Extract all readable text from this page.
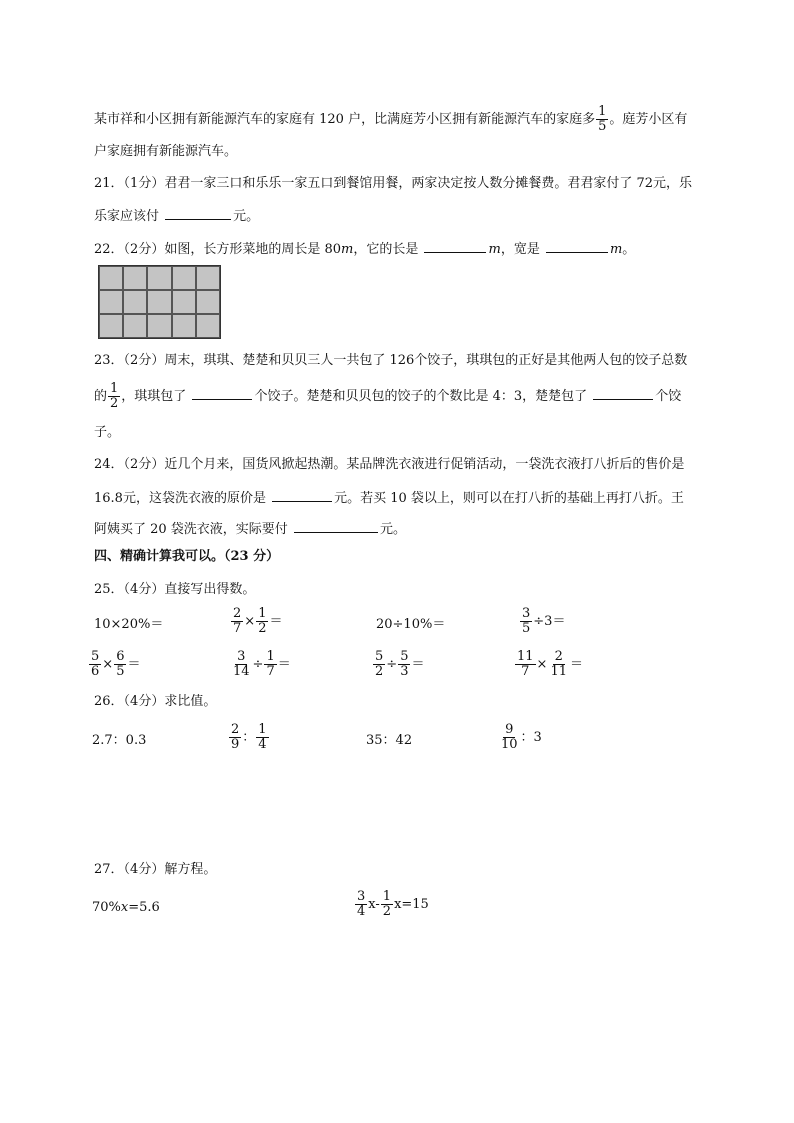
某市祥和小区拥有新能源汽车的家庭有 120 户，比满庭芳小区拥有新能源汽车的家庭多 $\frac{1}{5}$ 。庭芳小区有
户家庭拥有新能源汽车。
21．（1分）君君一家三口和乐乐一家五口到餐馆用餐，两家决定按人数分摊餐费。君君家付了 72元，乐
乐家应该付	元。
22．（2分）如图，长方形菜地的周长是 80m，它的长是	m，宽是	m。
23．（2分）周末，琪琪、楚楚和贝贝三人一共包了 126个饺子，琪琪包的正好是其他两人包的饺子总数
的 $\frac{1}{2}$ ，琪琪包了	个饺子。楚楚和贝贝包的饺子的个数比是 4：3，楚楚包了	个饺
子。
24．（2分）近几个月来，国货风掀起热潮。某品牌洗衣液进行促销活动，一袋洗衣液打八折后的售价是
16.8元，这袋洗衣液的原价是	元。若买 10 袋以上，则可以在打八折的基础上再打八折。王
阿姨买了 20 袋洗衣液，实际要付	元。
四、精确计算我可以。（23 分）
25．（4分）直接写出得数。
10×20%＝	$\frac{2}{7} \times \frac{1}{2}$ ＝	20÷10%＝	$\frac{3}{5} \div 3=$
$\frac{5}{6} \times \frac{6}{5}$ ＝	$\frac{3}{14} \div \frac{1}{7}$ ＝	$\frac{5}{2} \div \frac{5}{3}$ ＝	$\frac{11}{7} \times \frac{2}{11}$ ＝
26．（4分）求比值。
2.7：0.3	$\frac{2}{9}$ ： $\frac{1}{4}$	35：42	$\frac{9}{10}$ ：3
27．（4分）解方程。
70%x=5.6	$\frac{3}{4} x- \frac{1}{2} x=15$
